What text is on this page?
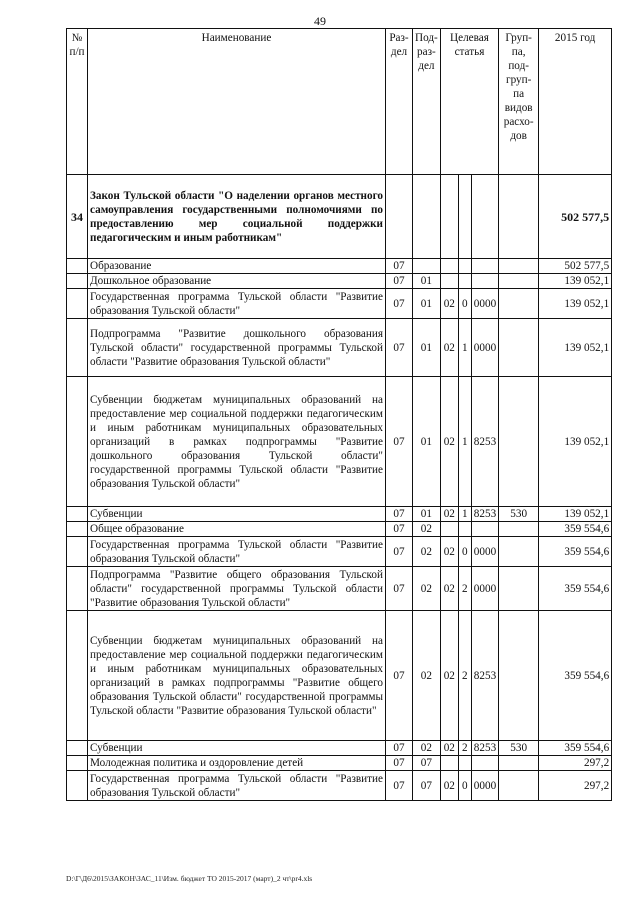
49
№ п/п	Наименование	Раз-дел	Под-раз-дел	Целевая статья			Груп-па, под-груп-па видов расхо-дов	2015 год
34	Закон Тульской области "О наделении органов местного самоуправления государственными полномочиями по предоставлению мер социальной поддержки педагогическим и иным работникам"							502 577,5
	Образование	07						502 577,5
	Дошкольное образование	07	01					139 052,1
	Государственная программа Тульской области "Развитие образования Тульской области"	07	01	02	0	0000		139 052,1
	Подпрограмма "Развитие дошкольного образования Тульской области" государственной программы Тульской области "Развитие образования Тульской области"	07	01	02	1	0000		139 052,1
	Субвенции бюджетам муниципальных образований на предоставление мер социальной поддержки педагогическим и иным работникам муниципальных образовательных организаций в рамках подпрограммы "Развитие дошкольного образования Тульской области" государственной программы Тульской области "Развитие образования Тульской области"	07	01	02	1	8253		139 052,1
	Субвенции	07	01	02	1	8253	530	139 052,1
	Общее образование	07	02					359 554,6
	Государственная программа Тульской области "Развитие образования Тульской области"	07	02	02	0	0000		359 554,6
	Подпрограмма "Развитие общего образования Тульской области" государственной программы Тульской области "Развитие образования Тульской области"	07	02	02	2	0000		359 554,6
	Субвенции бюджетам муниципальных образований на предоставление мер социальной поддержки педагогическим и иным работникам муниципальных образовательных организаций в рамках подпрограммы "Развитие общего образования Тульской области" государственной программы Тульской области "Развитие образования Тульской области"	07	02	02	2	8253		359 554,6
	Субвенции	07	02	02	2	8253	530	359 554,6
	Молодежная политика и оздоровление детей	07	07					297,2
	Государственная программа Тульской области "Развитие образования Тульской области"	07	07	02	0	0000		297,2
D:\Г\Д6\2015\ЗАКОН\ЗАС_11\Изм. бюджет ТО 2015-2017 (март)_2 чт\pr4.xls
